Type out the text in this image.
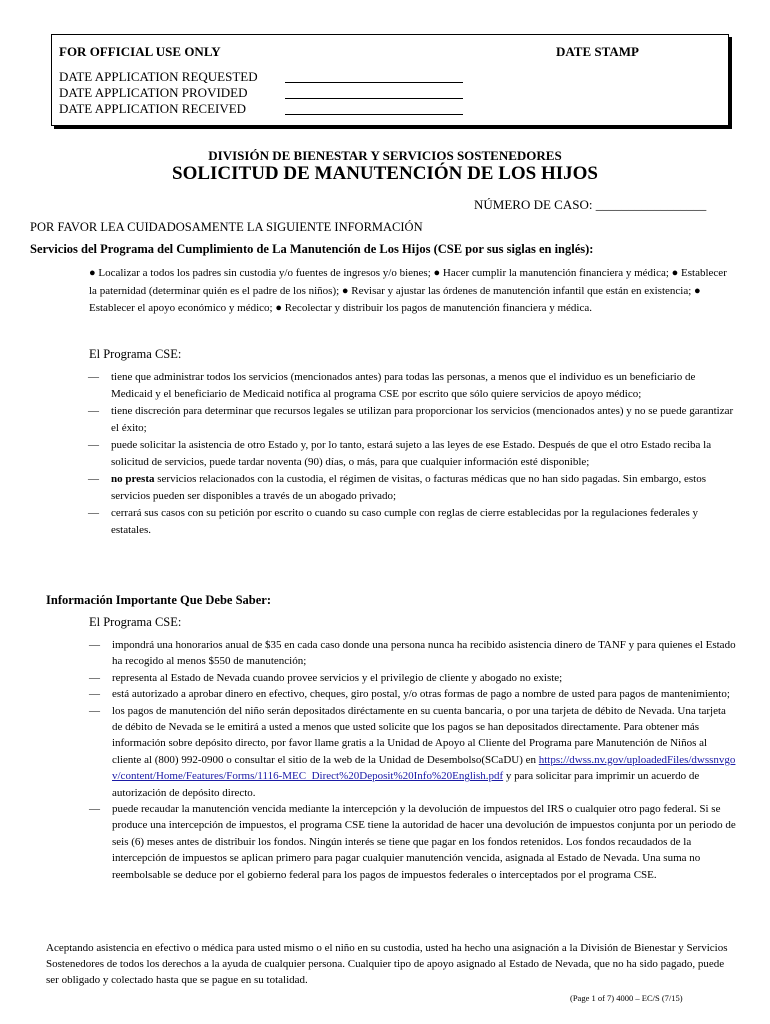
FOR OFFICIAL USE ONLY	DATE STAMP
DATE APPLICATION REQUESTED
DATE APPLICATION PROVIDED
DATE APPLICATION RECEIVED
DIVISIÓN DE BIENESTAR Y SERVICIOS SOSTENEDORES
SOLICITUD DE MANUTENCIÓN DE LOS HIJOS
NÚMERO DE CASO: _________________
POR FAVOR LEA CUIDADOSAMENTE LA SIGUIENTE INFORMACIÓN
Servicios del Programa del Cumplimiento de La Manutención de Los Hijos (CSE por sus siglas en inglés):
● Localizar a todos los padres sin custodia y/o fuentes de ingresos y/o bienes; ● Hacer cumplir la manutención financiera y médica; ● Establecer la paternidad (determinar quién es el padre de los niños); ● Revisar y ajustar las órdenes de manutención infantil que están en existencia; ● Establecer el apoyo económico y médico; ● Recolectar y distribuir los pagos de manutención financiera y médica.
El Programa CSE:
— tiene que administrar todos los servicios (mencionados antes) para todas las personas, a menos que el individuo es un beneficiario de Medicaid y el beneficiario de Medicaid notifica al programa CSE por escrito que sólo quiere servicios de apoyo médico;
— tiene discreción para determinar que recursos legales se utilizan para proporcionar los servicios (mencionados antes) y no se puede garantizar el éxito;
— puede solicitar la asistencia de otro Estado y, por lo tanto, estará sujeto a las leyes de ese Estado. Después de que el otro Estado reciba la solicitud de servicios, puede tardar noventa (90) días, o más, para que cualquier información esté disponible;
— no presta servicios relacionados con la custodia, el régimen de visitas, o facturas médicas que no han sido pagadas. Sin embargo, estos servicios pueden ser disponibles a través de un abogado privado;
— cerrará sus casos con su petición por escrito o cuando su caso cumple con reglas de cierre establecidas por la regulaciones federales y estatales.
Información Importante Que Debe Saber:
El Programa CSE:
— impondrá una honorarios anual de $35 en cada caso donde una persona nunca ha recibido asistencia dinero de TANF y para quienes el Estado ha recogido al menos $550 de manutención;
— representa al Estado de Nevada cuando provee servicios y el privilegio de cliente y abogado no existe;
— está autorizado a aprobar dinero en efectivo, cheques, giro postal, y/o otras formas de pago a nombre de usted para pagos de mantenimiento;
— los pagos de manutención del niño serán depositados diréctamente en su cuenta bancaria, o por una tarjeta de débito de Nevada. Una tarjeta de débito de Nevada se le emitirá a usted a menos que usted solicite que los pagos se han depositados directamente. Para obtener más información sobre depósito directo, por favor llame gratis a la Unidad de Apoyo al Cliente del Programa pare Manutención de Niños al cliente al (800) 992-0900 o consultar el sitio de la web de la Unidad de Desembolso(SCaDU) en https://dwss.nv.gov/uploadedFiles/dwssnvgov/content/Home/Features/Forms/1116-MEC_Direct%20Deposit%20Info%20English.pdf y para solicitar para imprimir un acuerdo de autorización de depósito directo.
— puede recaudar la manutención vencida mediante la intercepción y la devolución de impuestos del IRS o cualquier otro pago federal. Si se produce una intercepción de impuestos, el programa CSE tiene la autoridad de hacer una devolución de impuestos conjunta por un periodo de seis (6) meses antes de distribuir los fondos. Ningún interés se tiene que pagar en los fondos retenidos. Los fondos recaudados de la intercepción de impuestos se aplican primero para pagar cualquier manutención vencida, asignada al Estado de Nevada. Una suma no reembolsable se deduce por el gobierno federal para los pagos de impuestos federales o interceptados por el programa CSE.
Aceptando asistencia en efectivo o médica para usted mismo o el niño en su custodia, usted ha hecho una asignación a la División de Bienestar y Servicios Sostenedores de todos los derechos a la ayuda de cualquier persona. Cualquier tipo de apoyo asignado al Estado de Nevada, que no ha sido pagado, puede ser obligado y colectado hasta que se pague en su totalidad.
(Page 1 of 7) 4000 – EC/S (7/15)
